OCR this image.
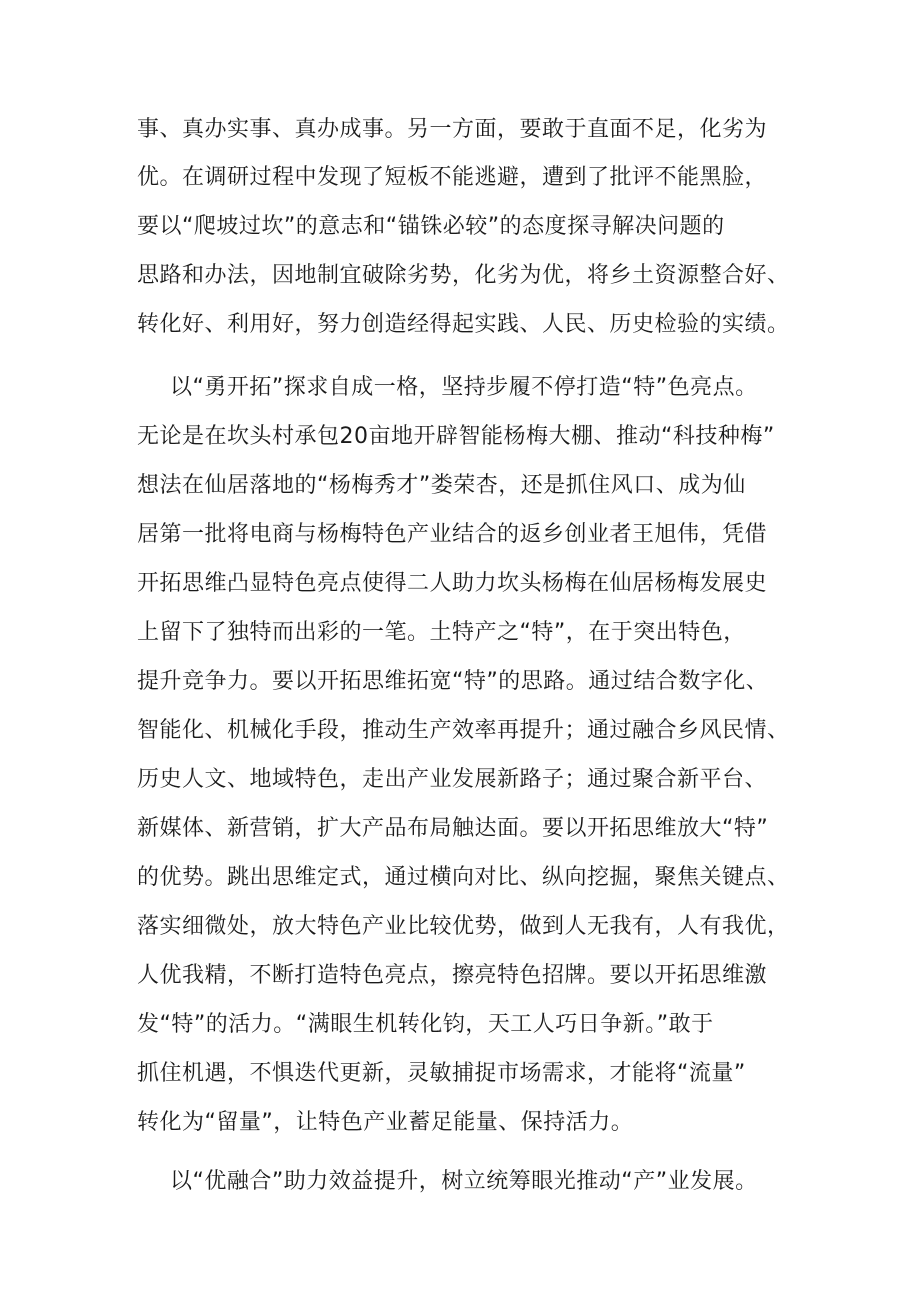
事、真办实事、真办成事。另一方面，要敢于直面不足，化劣为
优。在调研过程中发现了短板不能逃避，遭到了批评不能黑脸，
要以“爬坡过坎”的意志和“锚铢必较”的态度探寻解决问题的
思路和办法，因地制宜破除劣势，化劣为优，将乡土资源整合好、
转化好、利用好，努力创造经得起实践、人民、历史检验的实绩。
以“勇开拓”探求自成一格，坚持步履不停打造“特”色亮点。
无论是在坎头村承包20亩地开辟智能杨梅大棚、推动“科技种梅”
想法在仙居落地的“杨梅秀才”娄荣杏，还是抓住风口、成为仙
居第一批将电商与杨梅特色产业结合的返乡创业者王旭伟，凭借
开拓思维凸显特色亮点使得二人助力坎头杨梅在仙居杨梅发展史
上留下了独特而出彩的一笔。土特产之“特”，在于突出特色，
提升竞争力。要以开拓思维拓宽“特”的思路。通过结合数字化、
智能化、机械化手段，推动生产效率再提升；通过融合乡风民情、
历史人文、地域特色，走出产业发展新路子；通过聚合新平台、
新媒体、新营销，扩大产品布局触达面。要以开拓思维放大“特”
的优势。跳出思维定式，通过横向对比、纵向挖掘，聚焦关键点、
落实细微处，放大特色产业比较优势，做到人无我有，人有我优，
人优我精，不断打造特色亮点，擦亮特色招牌。要以开拓思维激
发“特”的活力。“满眼生机转化钧，天工人巧日争新。”敢于
抓住机遇，不惧迭代更新，灵敏捕捉市场需求，才能将“流量”
转化为“留量”，让特色产业蓄足能量、保持活力。
以“优融合”助力效益提升，树立统筹眼光推动“产”业发展。
